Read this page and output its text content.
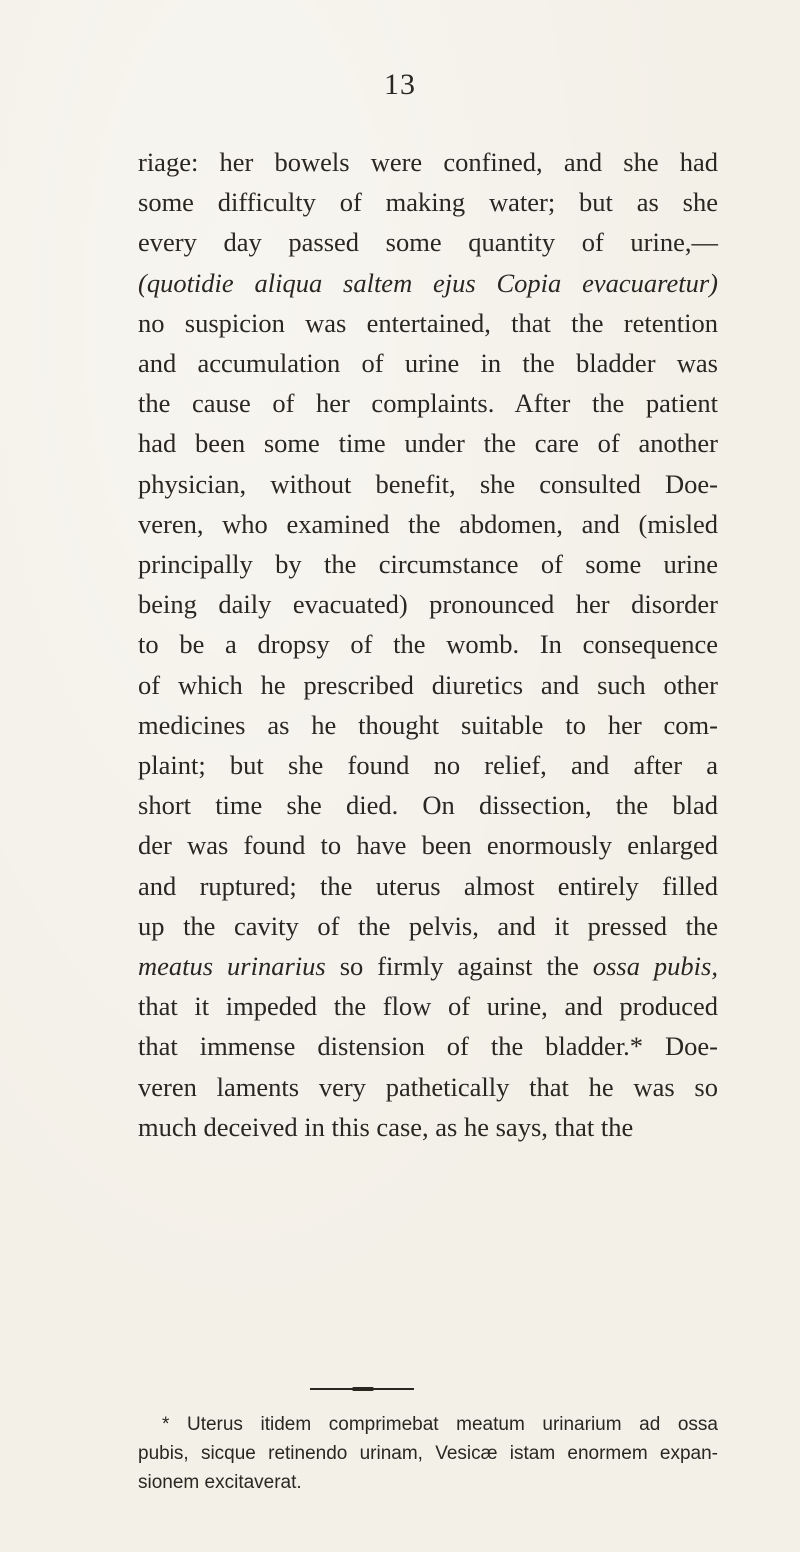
13
riage: her bowels were confined, and she had
some difficulty of making water; but as she
every day passed some quantity of urine,—
(quotidie aliqua saltem ejus Copia evacuaretur)
no suspicion was entertained, that the retention
and accumulation of urine in the bladder was
the cause of her complaints. After the patient
had been some time under the care of another
physician, without benefit, she consulted Doe-
veren, who examined the abdomen, and (misled
principally by the circumstance of some urine
being daily evacuated) pronounced her disorder
to be a dropsy of the womb. In consequence
of which he prescribed diuretics and such other
medicines as he thought suitable to her com-
plaint; but she found no relief, and after a
short time she died. On dissection, the blad
der was found to have been enormously enlarged
and ruptured; the uterus almost entirely filled
up the cavity of the pelvis, and it pressed the
meatus urinarius so firmly against the ossa pubis,
that it impeded the flow of urine, and produced
that immense distension of the bladder.* Doe-
veren laments very pathetically that he was so
much deceived in this case, as he says, that the
* Uterus itidem comprimebat meatum urinarium ad ossa
pubis, sicque retinendo urinam, Vesicæ istam enormem expan-
sionem excitaverat.
